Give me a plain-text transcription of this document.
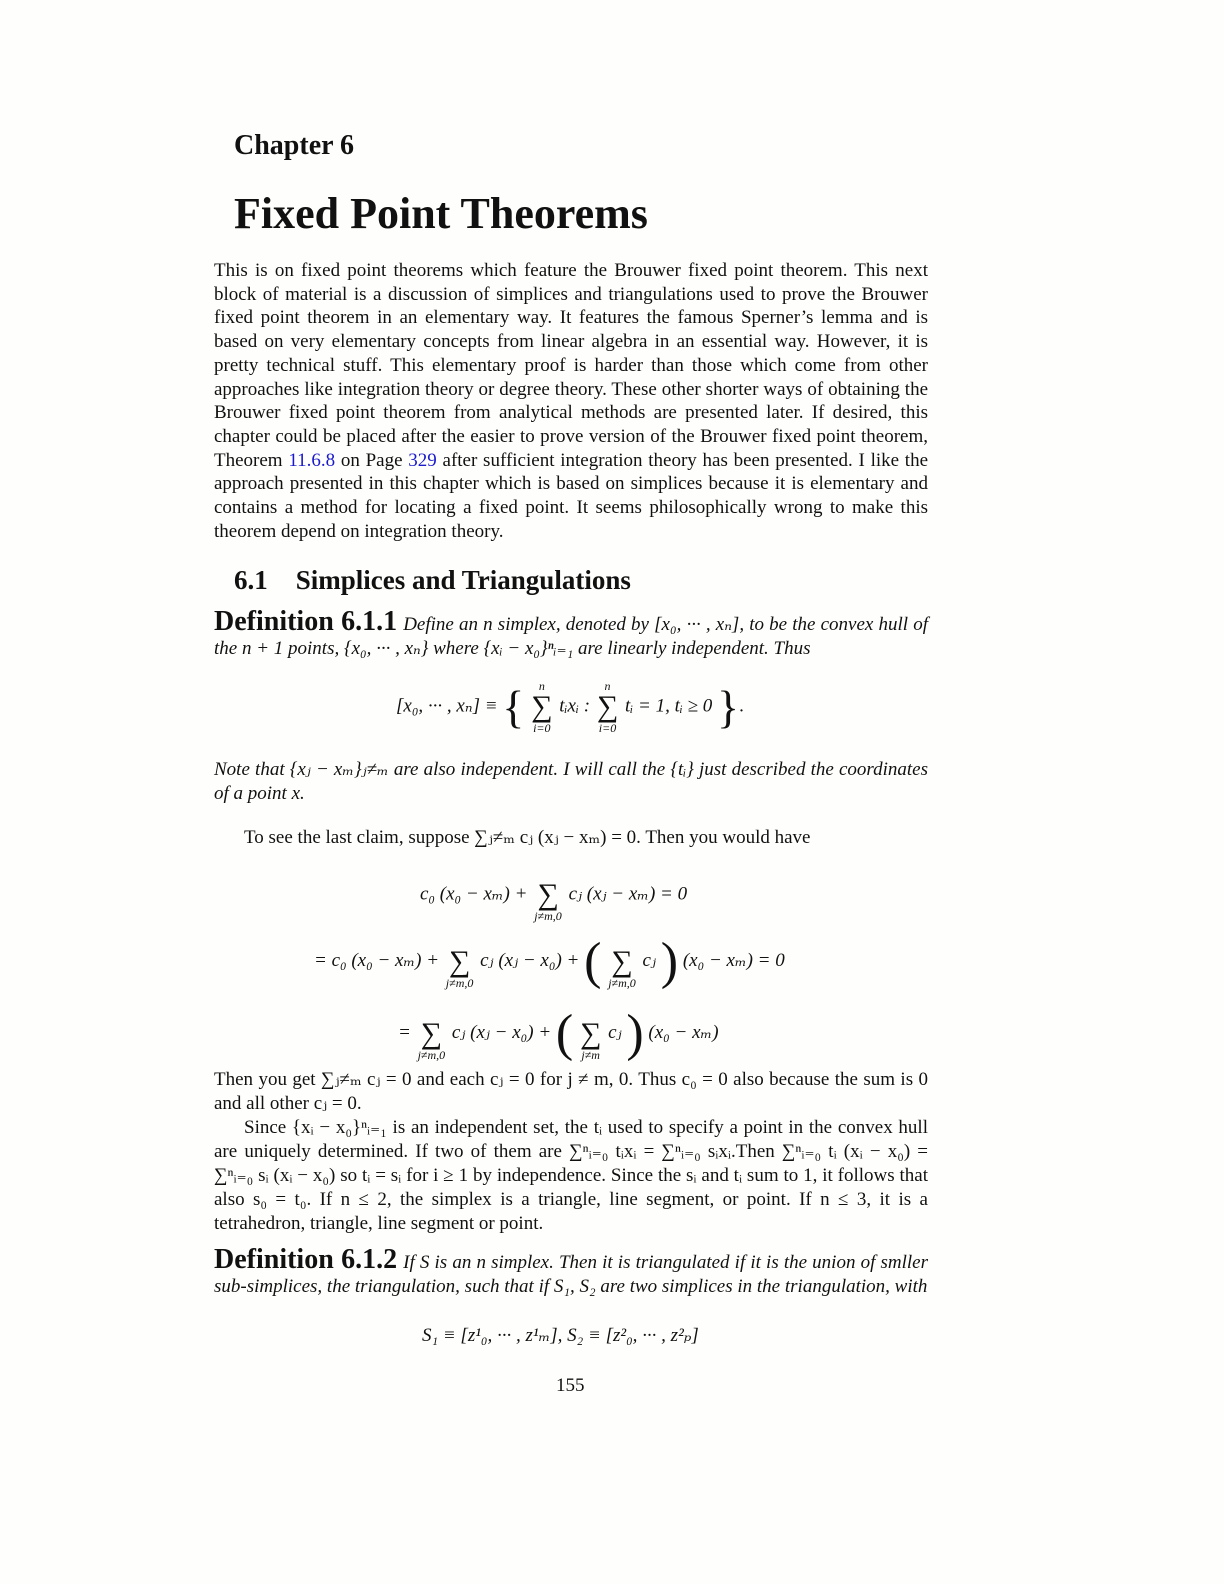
Chapter 6
Fixed Point Theorems

This is on fixed point theorems which feature the Brouwer fixed point theorem. This next block of material is a discussion of simplices and triangulations used to prove the Brouwer fixed point theorem in an elementary way. It features the famous Sperner’s lemma and is based on very elementary concepts from linear algebra in an essential way. However, it is pretty technical stuff. This elementary proof is harder than those which come from other approaches like integration theory or degree theory. These other shorter ways of obtaining the Brouwer fixed point theorem from analytical methods are presented later. If desired, this chapter could be placed after the easier to prove version of the Brouwer fixed point theorem, Theorem 11.6.8 on Page 329 after sufficient integration theory has been presented. I like the approach presented in this chapter which is based on simplices because it is elementary and contains a method for locating a fixed point. It seems philosophically wrong to make this theorem depend on integration theory.

6.1 Simplices and Triangulations

Definition 6.1.1 Define an n simplex, denoted by [x₀, ··· , xₙ], to be the convex hull of the n + 1 points, {x₀, ··· , xₙ} where {xᵢ − x₀}ⁿᵢ₌₁ are linearly independent. Thus

[x₀, ··· , xₙ] ≡ {	n
∑
i=0
tᵢxᵢ :
n
∑
i=0
tᵢ = 1, tᵢ ≥ 0 }.

Note that {xⱼ − xₘ}ⱼ≠ₘ are also independent. I will call the {tᵢ} just described the coordinates of a point x.

To see the last claim, suppose ∑ⱼ≠ₘ cⱼ (xⱼ − xₘ) = 0. Then you would have

c₀ (x₀ − xₘ) +
∑
j≠m,0
cⱼ (xⱼ − xₘ) = 0
= c₀ (x₀ − xₘ) +
∑
j≠m,0
cⱼ (xⱼ − x₀) + (
∑
j≠m,0
cⱼ ) (x₀ − xₘ) = 0
=
∑
j≠m,0
cⱼ (xⱼ − x₀) + (
∑
j≠m
cⱼ ) (x₀ − xₘ)

Then you get ∑ⱼ≠ₘ cⱼ = 0 and each cⱼ = 0 for j ≠ m, 0. Thus c₀ = 0 also because the sum is 0 and all other cⱼ = 0.

Since {xᵢ − x₀}ⁿᵢ₌₁ is an independent set, the tᵢ used to specify a point in the convex hull are uniquely determined. If two of them are ∑ⁿᵢ₌₀ tᵢxᵢ = ∑ⁿᵢ₌₀ sᵢxᵢ.Then ∑ⁿᵢ₌₀ tᵢ (xᵢ − x₀) = ∑ⁿᵢ₌₀ sᵢ (xᵢ − x₀) so tᵢ = sᵢ for i ≥ 1 by independence. Since the sᵢ and tᵢ sum to 1, it follows that also s₀ = t₀. If n ≤ 2, the simplex is a triangle, line segment, or point. If n ≤ 3, it is a tetrahedron, triangle, line segment or point.

Definition 6.1.2 If S is an n simplex. Then it is triangulated if it is the union of smller sub-simplices, the triangulation, such that if S₁, S₂ are two simplices in the triangulation, with

S₁ ≡ [z¹₀, ··· , z¹ₘ], S₂ ≡ [z²₀, ··· , z²ₚ]
155
